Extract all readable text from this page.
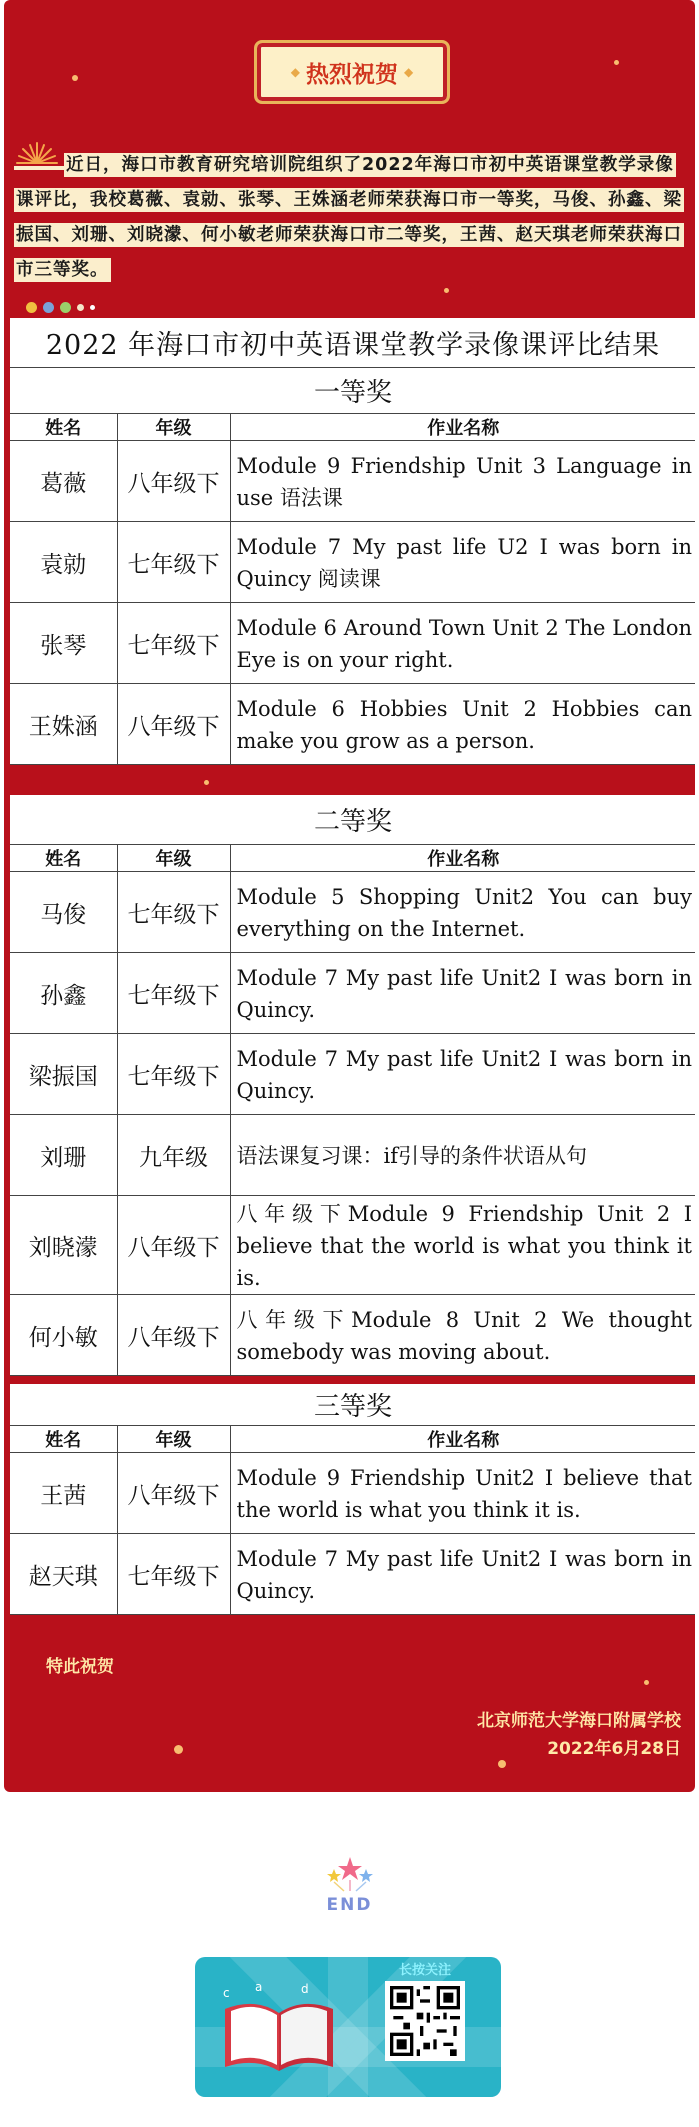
◆ 热烈祝贺 ◆

近日，海口市教育研究培训院组织了2022年海口市初中英语课堂教学录像课评比，我校葛薇、袁勍、张琴、王姝涵老师荣获海口市一等奖，马俊、孙鑫、梁振国、刘珊、刘晓濛、何小敏老师荣获海口市二等奖，王茜、赵天琪老师荣获海口市三等奖。

2022 年海口市初中英语课堂教学录像课评比结果
一等奖
姓名	年级	作业名称
葛薇	八年级下	Module 9 Friendship Unit 3 Language in use 语法课
袁勍	七年级下	Module 7 My past life U2 I was born in Quincy 阅读课
张琴	七年级下	Module 6 Around Town Unit 2 The London Eye is on your right.
王姝涵	八年级下	Module 6 Hobbies Unit 2 Hobbies can make you grow as a person.
二等奖
姓名	年级	作业名称
马俊	七年级下	Module 5 Shopping Unit2 You can buy everything on the Internet.
孙鑫	七年级下	Module 7 My past life Unit2 I was born in Quincy.
梁振国	七年级下	Module 7 My past life Unit2 I was born in Quincy.
刘珊	九年级	语法课复习课：if引导的条件状语从句
刘晓濛	八年级下	八年级下Module 9 Friendship Unit 2 I believe that the world is what you think it is.
何小敏	八年级下	八年级下Module 8 Unit 2 We thought somebody was moving about.
三等奖
姓名	年级	作业名称
王茜	八年级下	Module 9 Friendship Unit2 I believe that the world is what you think it is.
赵天琪	七年级下	Module 7 My past life Unit2 I was born in Quincy.
特此祝贺
北京师范大学海口附属学校
2022年6月28日
END
c a	d
长按关注
